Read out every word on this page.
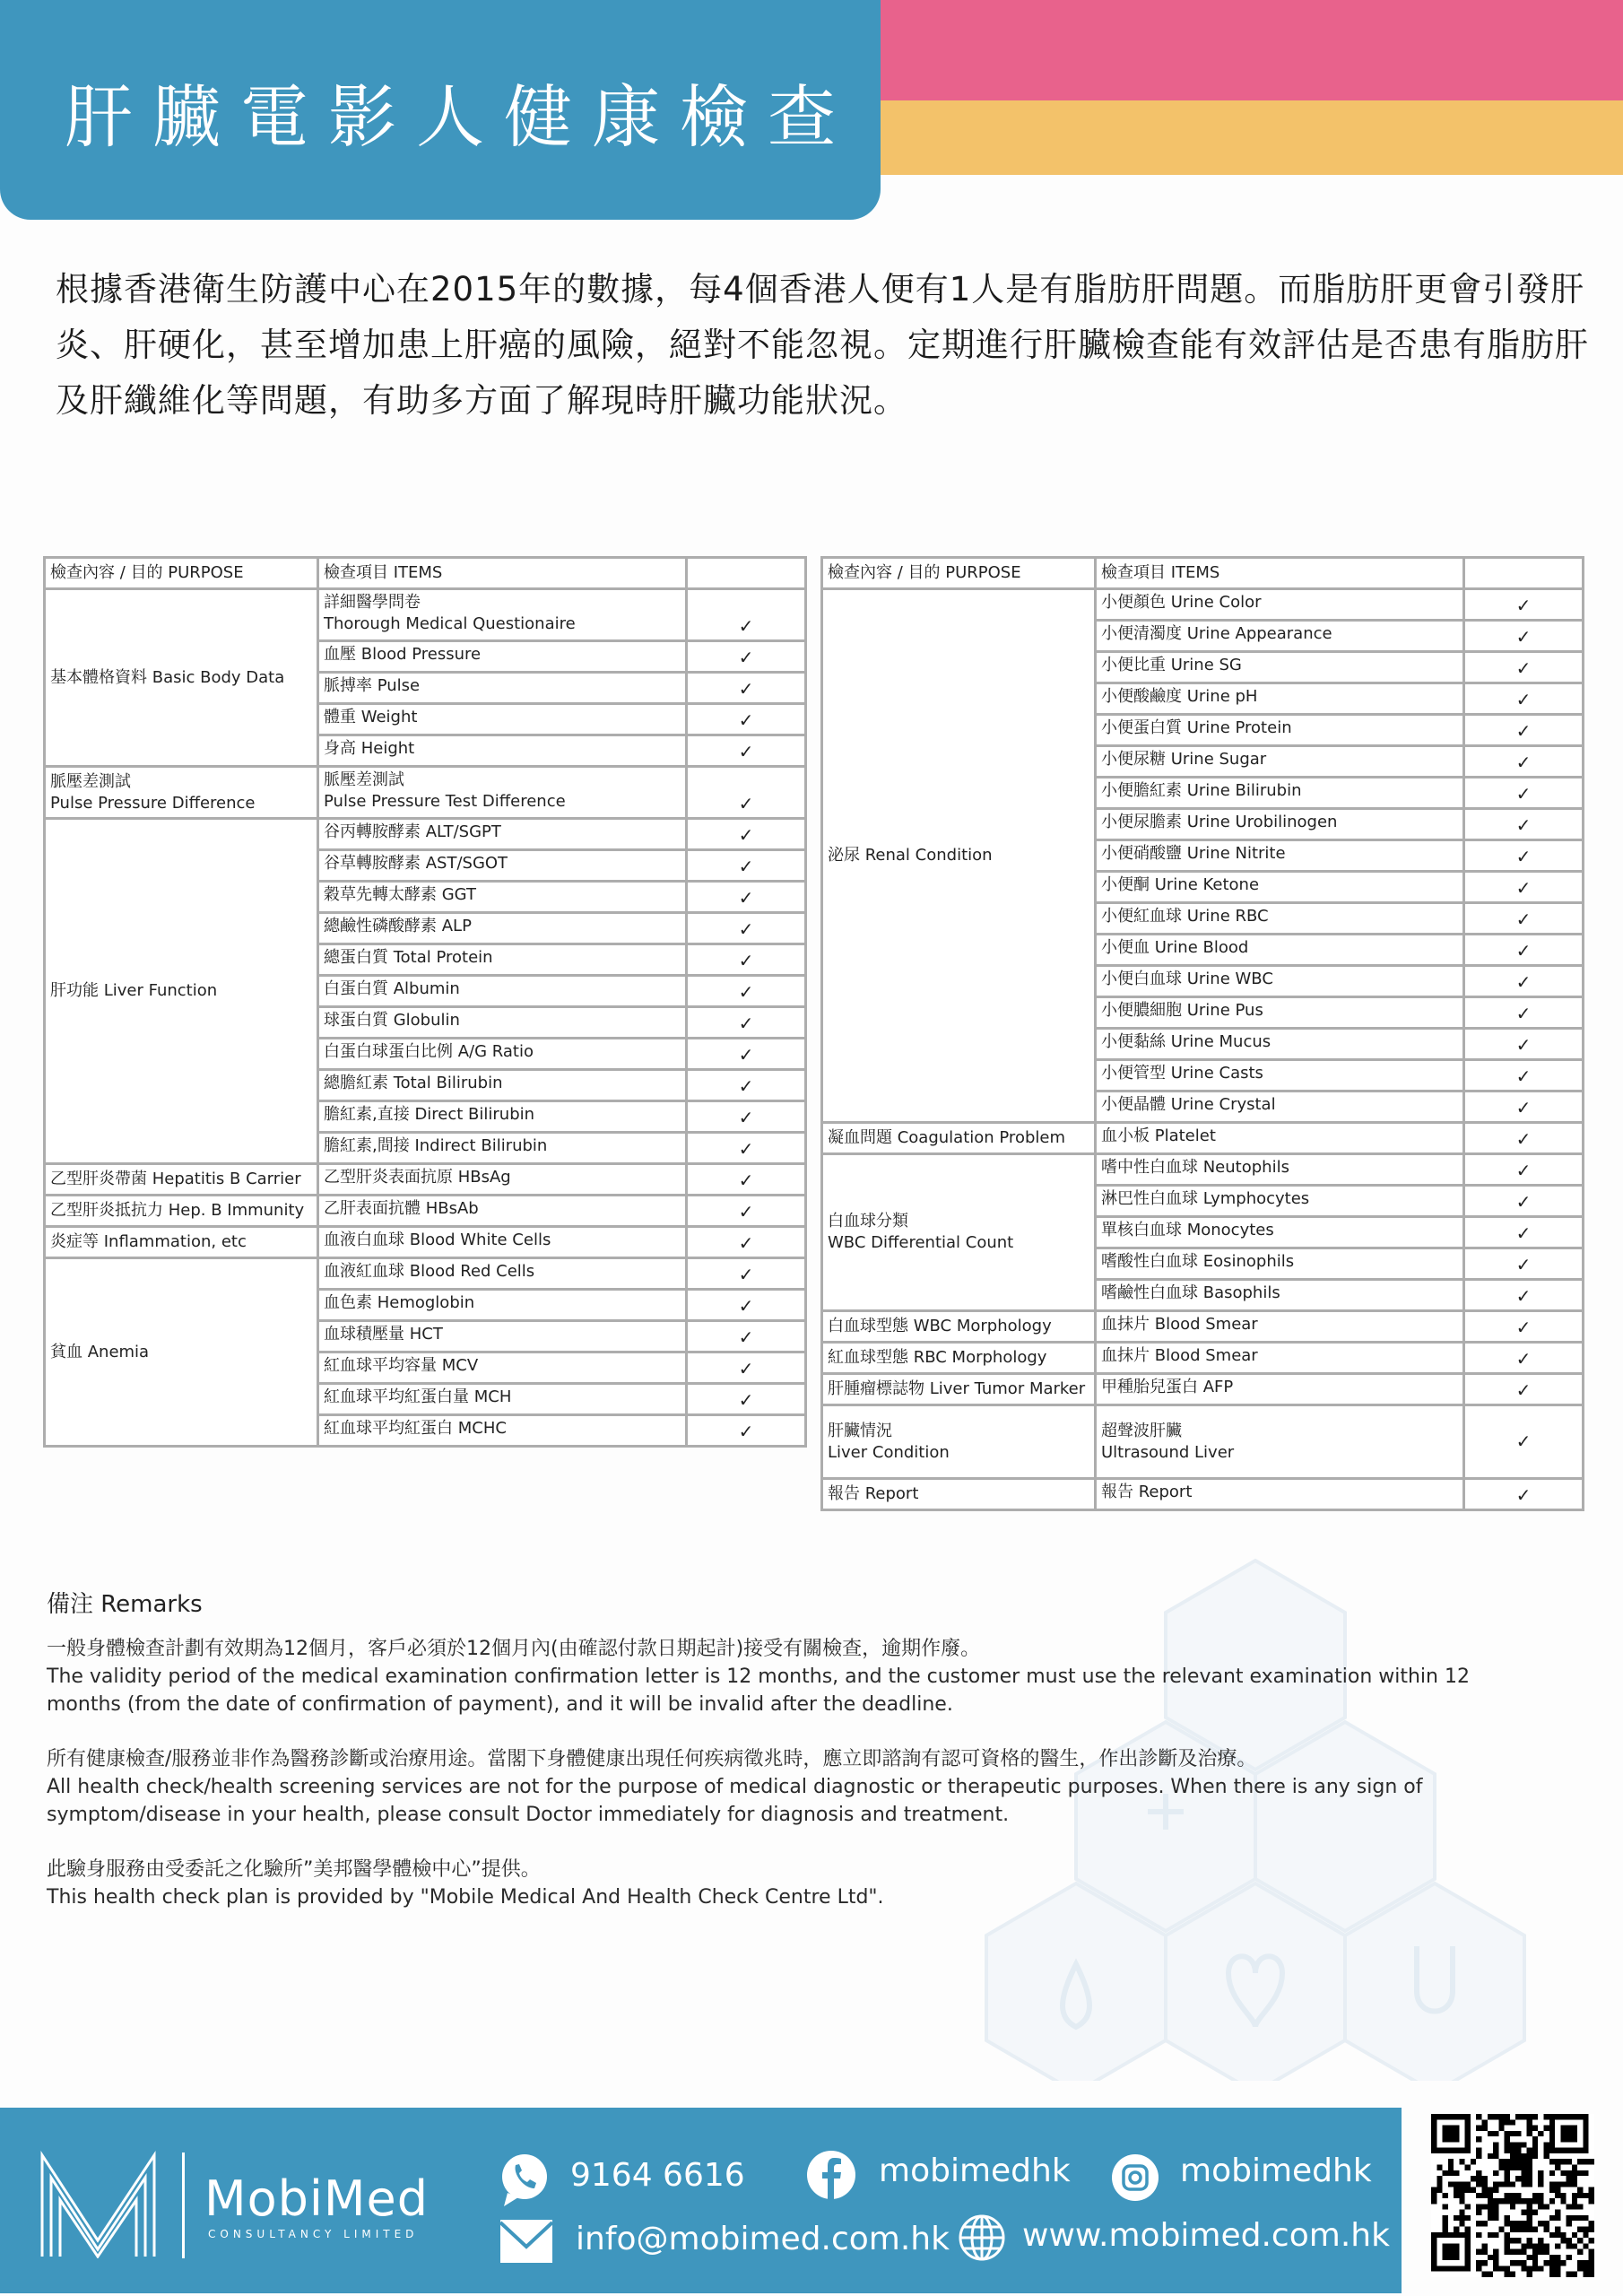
肝臟電影人健康檢查

根據香港衛生防護中心在2015年的數據，每4個香港人便有1人是有脂肪肝問題。而脂肪肝更會引發肝炎、肝硬化，甚至增加患上肝癌的風險，絕對不能忽視。定期進行肝臟檢查能有效評估是否患有脂肪肝及肝纖維化等問題，有助多方面了解現時肝臟功能狀況。

檢查內容 / 目的 PURPOSE	檢查項目 ITEMS	
基本體格資料 Basic Body Data	詳細醫學問卷
Thorough Medical Questionaire	✓
	血壓 Blood Pressure	✓
	脈搏率 Pulse	✓
	體重 Weight	✓
	身高 Height	✓
脈壓差測試
Pulse Pressure Difference	脈壓差測試
Pulse Pressure Test Difference	✓
肝功能 Liver Function	谷丙轉胺酵素 ALT/SGPT	✓
	谷草轉胺酵素 AST/SGOT	✓
	穀草先轉太酵素 GGT	✓
	總鹼性磷酸酵素 ALP	✓
	總蛋白質 Total Protein	✓
	白蛋白質 Albumin	✓
	球蛋白質 Globulin	✓
	白蛋白球蛋白比例 A/G Ratio	✓
	總膽紅素 Total Bilirubin	✓
	膽紅素,直接 Direct Bilirubin	✓
	膽紅素,間接 Indirect Bilirubin	✓
乙型肝炎帶菌 Hepatitis B Carrier	乙型肝炎表面抗原 HBsAg	✓
乙型肝炎抵抗力 Hep. B Immunity	乙肝表面抗體 HBsAb	✓
炎症等 Inflammation, etc	血液白血球 Blood White Cells	✓
貧血 Anemia	血液紅血球 Blood Red Cells	✓
	血色素 Hemoglobin	✓
	血球積壓量 HCT	✓
	紅血球平均容量 MCV	✓
	紅血球平均紅蛋白量 MCH	✓
	紅血球平均紅蛋白 MCHC	✓
檢查內容 / 目的 PURPOSE	檢查項目 ITEMS	
泌尿 Renal Condition	小便顏色 Urine Color	✓
	小便清濁度 Urine Appearance	✓
	小便比重 Urine SG	✓
	小便酸鹼度 Urine pH	✓
	小便蛋白質 Urine Protein	✓
	小便尿糖 Urine Sugar	✓
	小便膽紅素 Urine Bilirubin	✓
	小便尿膽素 Urine Urobilinogen	✓
	小便硝酸鹽 Urine Nitrite	✓
	小便酮 Urine Ketone	✓
	小便紅血球 Urine RBC	✓
	小便血 Urine Blood	✓
	小便白血球 Urine WBC	✓
	小便膿細胞 Urine Pus	✓
	小便黏絲 Urine Mucus	✓
	小便管型 Urine Casts	✓
	小便晶體 Urine Crystal	✓
凝血問題 Coagulation Problem	血小板 Platelet	✓
白血球分類
WBC Differential Count	嗜中性白血球 Neutophils	✓
	淋巴性白血球 Lymphocytes	✓
	單核白血球 Monocytes	✓
	嗜酸性白血球 Eosinophils	✓
	嗜鹼性白血球 Basophils	✓
白血球型態 WBC Morphology	血抹片 Blood Smear	✓
紅血球型態 RBC Morphology	血抹片 Blood Smear	✓
肝腫瘤標誌物 Liver Tumor Marker	甲種胎兒蛋白 AFP	✓
肝臟情況
Liver Condition	超聲波肝臟
Ultrasound Liver	✓
報告 Report	報告 Report	✓
備注 Remarks

一般身體檢查計劃有效期為12個月，客戶必須於12個月內(由確認付款日期起計)接受有關檢查，逾期作廢。
The validity period of the medical examination confirmation letter is 12 months, and the customer must use the relevant examination within 12
months (from the date of confirmation of payment), and it will be invalid after the deadline.

所有健康檢查/服務並非作為醫務診斷或治療用途。當閣下身體健康出現任何疾病徵兆時，應立即諮詢有認可資格的醫生，作出診斷及治療。
All health check/health screening services are not for the purpose of medical diagnostic or therapeutic purposes. When there is any sign of
symptom/disease in your health, please consult Doctor immediately for diagnosis and treatment.

此驗身服務由受委託之化驗所”美邦醫學體檢中心”提供。
This health check plan is provided by "Mobile Medical And Health Check Centre Ltd".

MobiMed
CONSULTANCY LIMITED
9164 6616	mobimedhk	mobimedhk
info@mobimed.com.hk www.mobimed.com.hk
